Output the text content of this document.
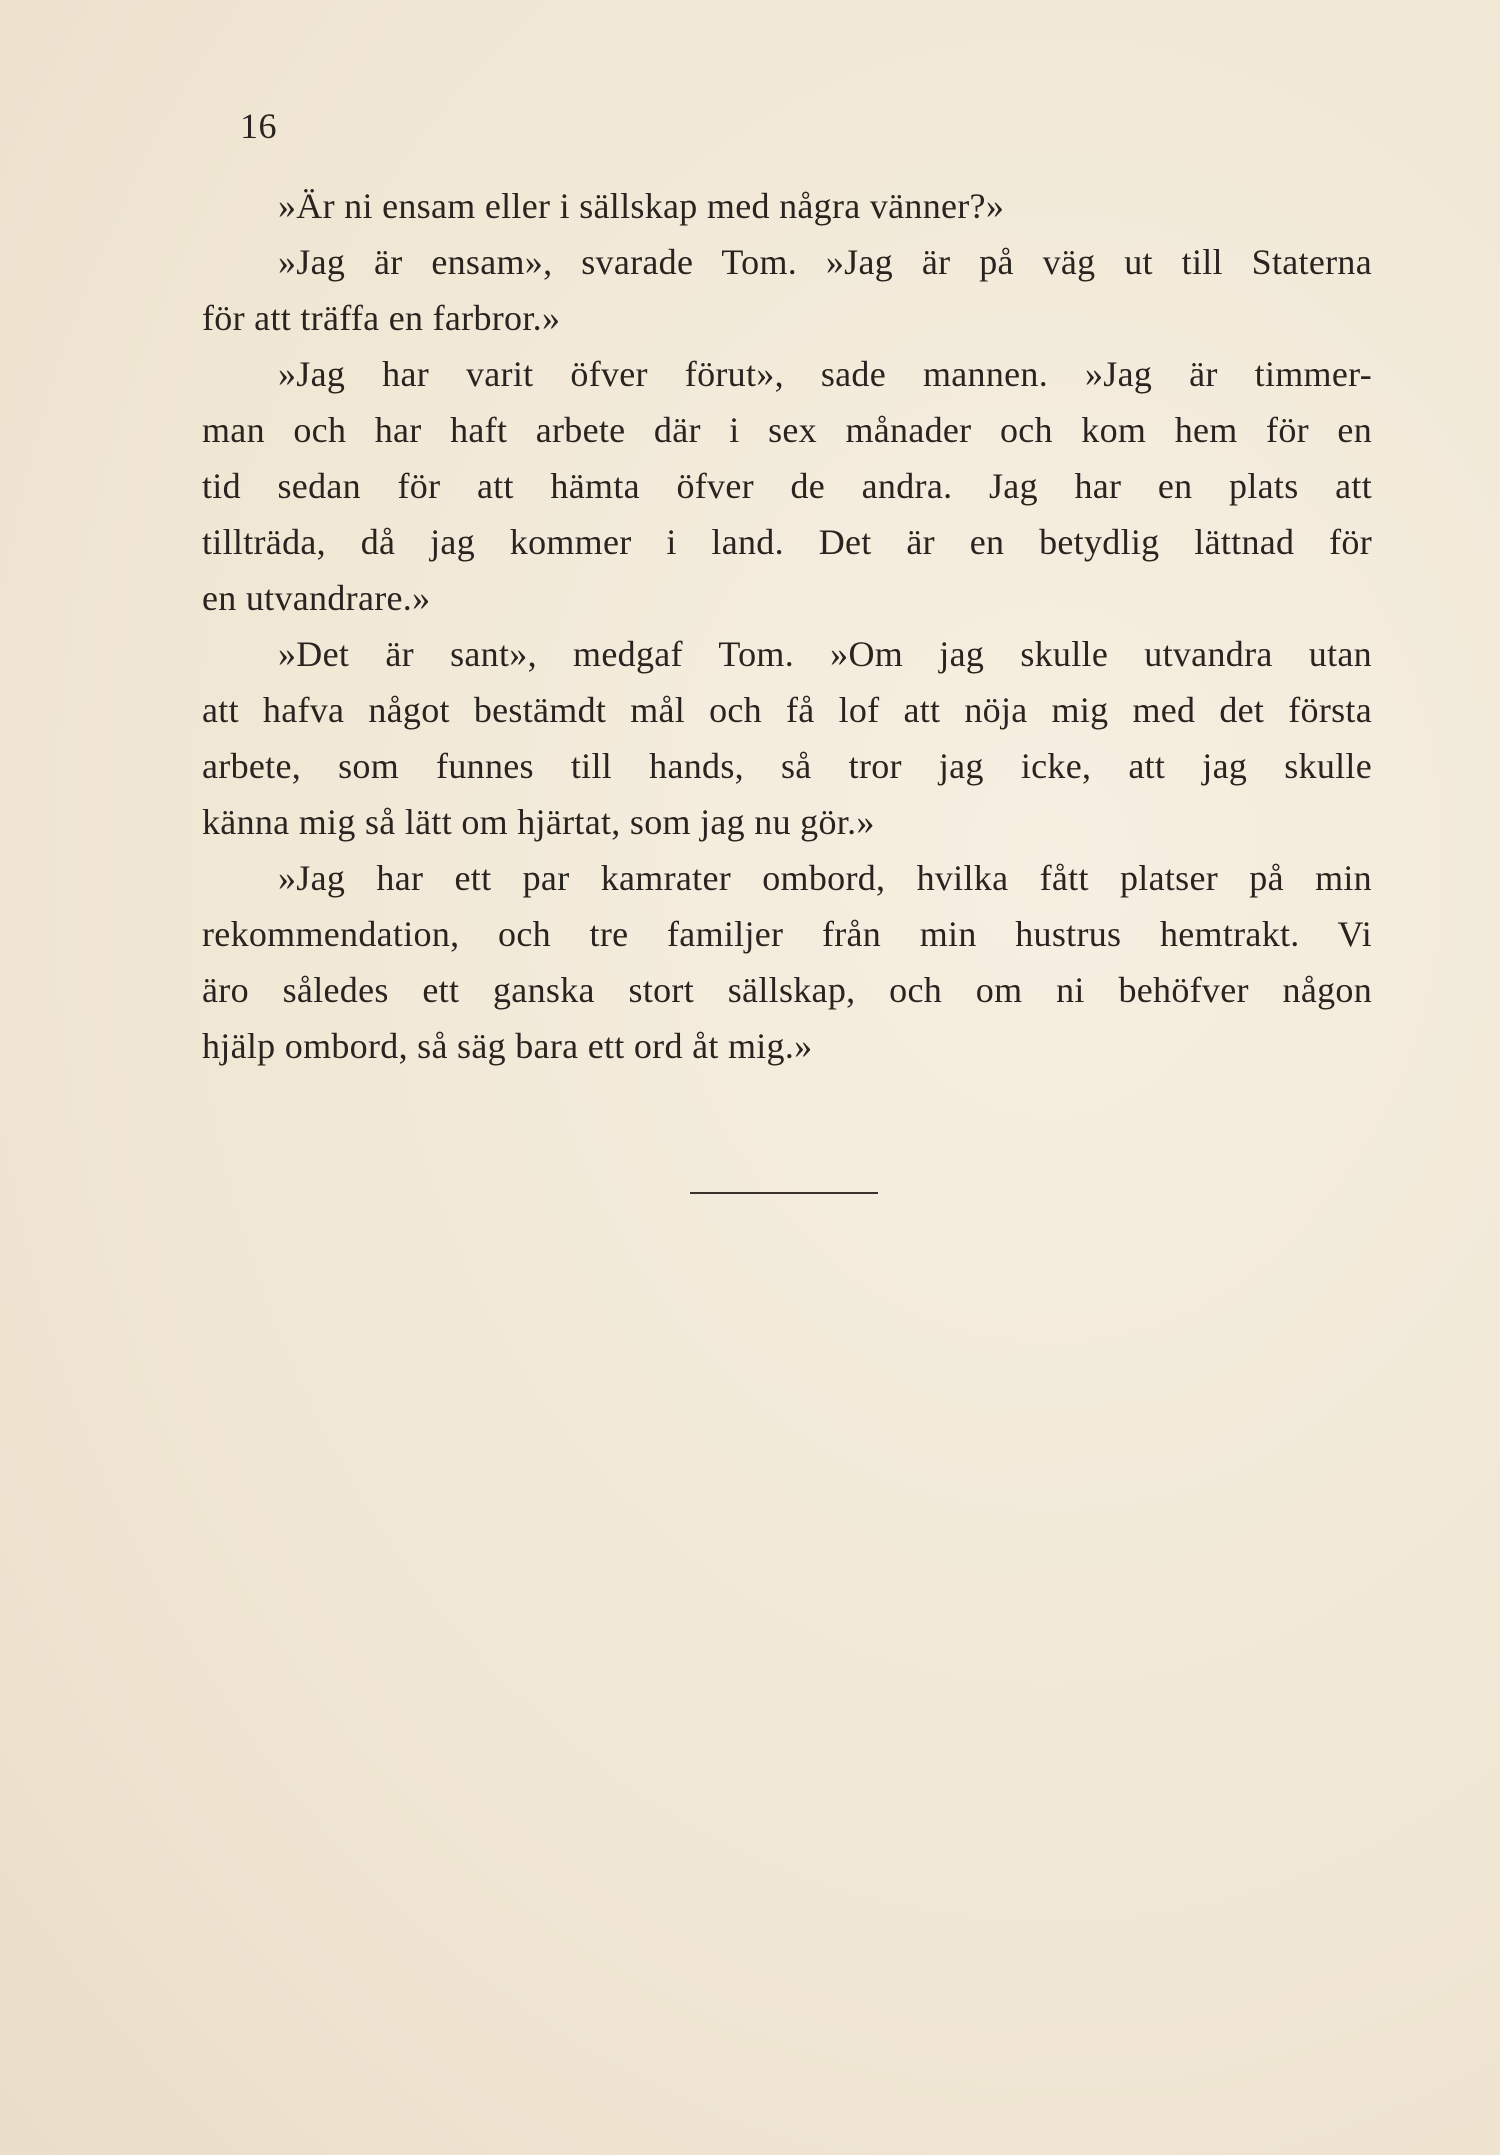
16
»Är ni ensam eller i sällskap med några vänner?»
»Jag är ensam», svarade Tom. »Jag är på väg ut till Staterna
för att träffa en farbror.»
»Jag har varit öfver förut», sade mannen. »Jag är timmer-
man och har haft arbete där i sex månader och kom hem för en
tid sedan för att hämta öfver de andra. Jag har en plats att
tillträda, då jag kommer i land. Det är en betydlig lättnad för
en utvandrare.»
»Det är sant», medgaf Tom. »Om jag skulle utvandra utan
att hafva något bestämdt mål och få lof att nöja mig med det första
arbete, som funnes till hands, så tror jag icke, att jag skulle
känna mig så lätt om hjärtat, som jag nu gör.»
»Jag har ett par kamrater ombord, hvilka fått platser på min
rekommendation, och tre familjer från min hustrus hemtrakt. Vi
äro således ett ganska stort sällskap, och om ni behöfver någon
hjälp ombord, så säg bara ett ord åt mig.»
